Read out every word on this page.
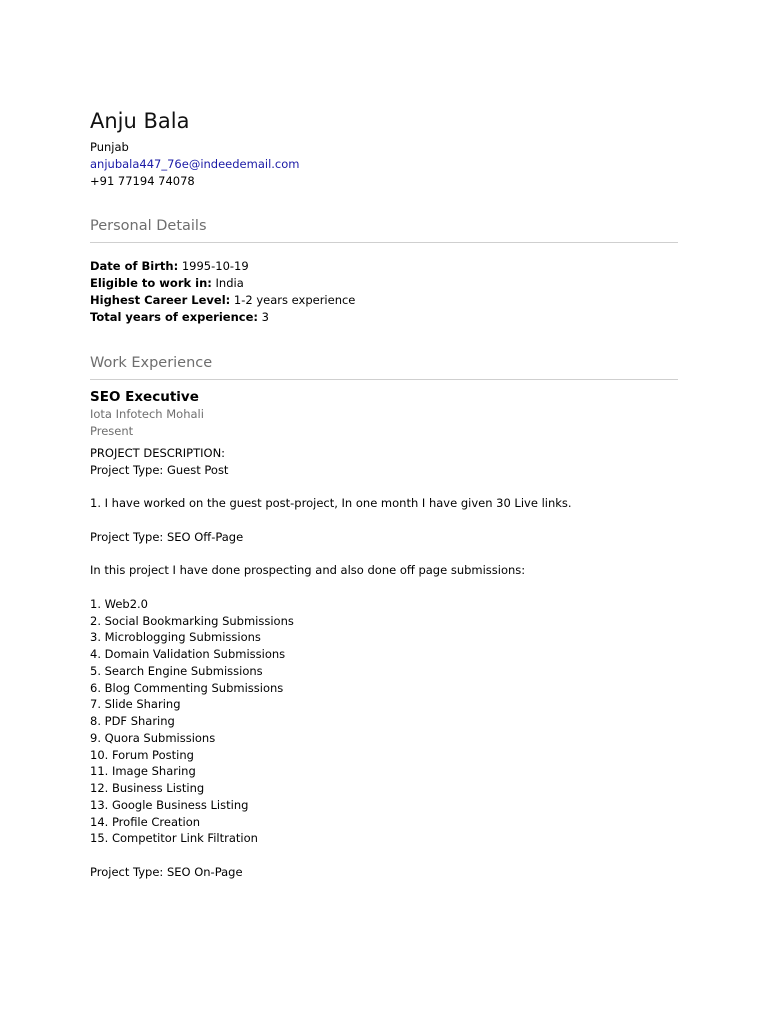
Anju Bala
Punjab
anjubala447_76e@indeedemail.com
+91 77194 74078
Personal Details
Date of Birth: 1995-10-19
Eligible to work in: India
Highest Career Level: 1-2 years experience
Total years of experience: 3
Work Experience
SEO Executive
Iota Infotech Mohali
Present
PROJECT DESCRIPTION:
Project Type: Guest Post
1. I have worked on the guest post-project, In one month I have given 30 Live links.
Project Type: SEO Off-Page
In this project I have done prospecting and also done off page submissions:
1. Web2.0
2. Social Bookmarking Submissions
3. Microblogging Submissions
4. Domain Validation Submissions
5. Search Engine Submissions
6. Blog Commenting Submissions
7. Slide Sharing
8. PDF Sharing
9. Quora Submissions
10. Forum Posting
11. Image Sharing
12. Business Listing
13. Google Business Listing
14. Profile Creation
15. Competitor Link Filtration
Project Type: SEO On-Page
